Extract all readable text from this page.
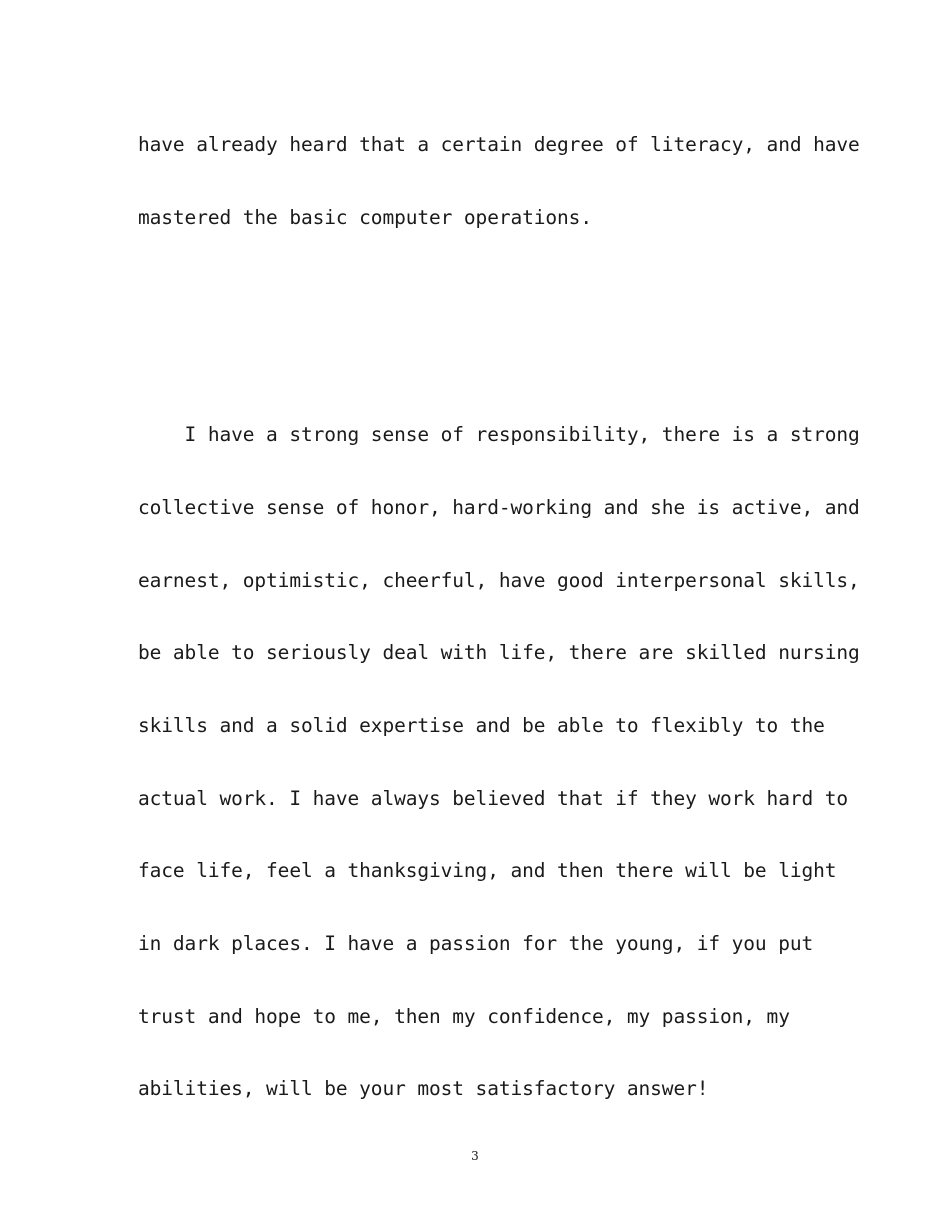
have already heard that a certain degree of literacy, and have
mastered the basic computer operations.
I have a strong sense of responsibility, there is a strong
collective sense of honor, hard-working and she is active, and
earnest, optimistic, cheerful, have good interpersonal skills,
be able to seriously deal with life, there are skilled nursing
skills and a solid expertise and be able to flexibly to the
actual work. I have always believed that if they work hard to
face life, feel a thanksgiving, and then there will be light
in dark places. I have a passion for the young, if you put
trust and hope to me, then my confidence, my passion, my
abilities, will be your most satisfactory answer!
3
